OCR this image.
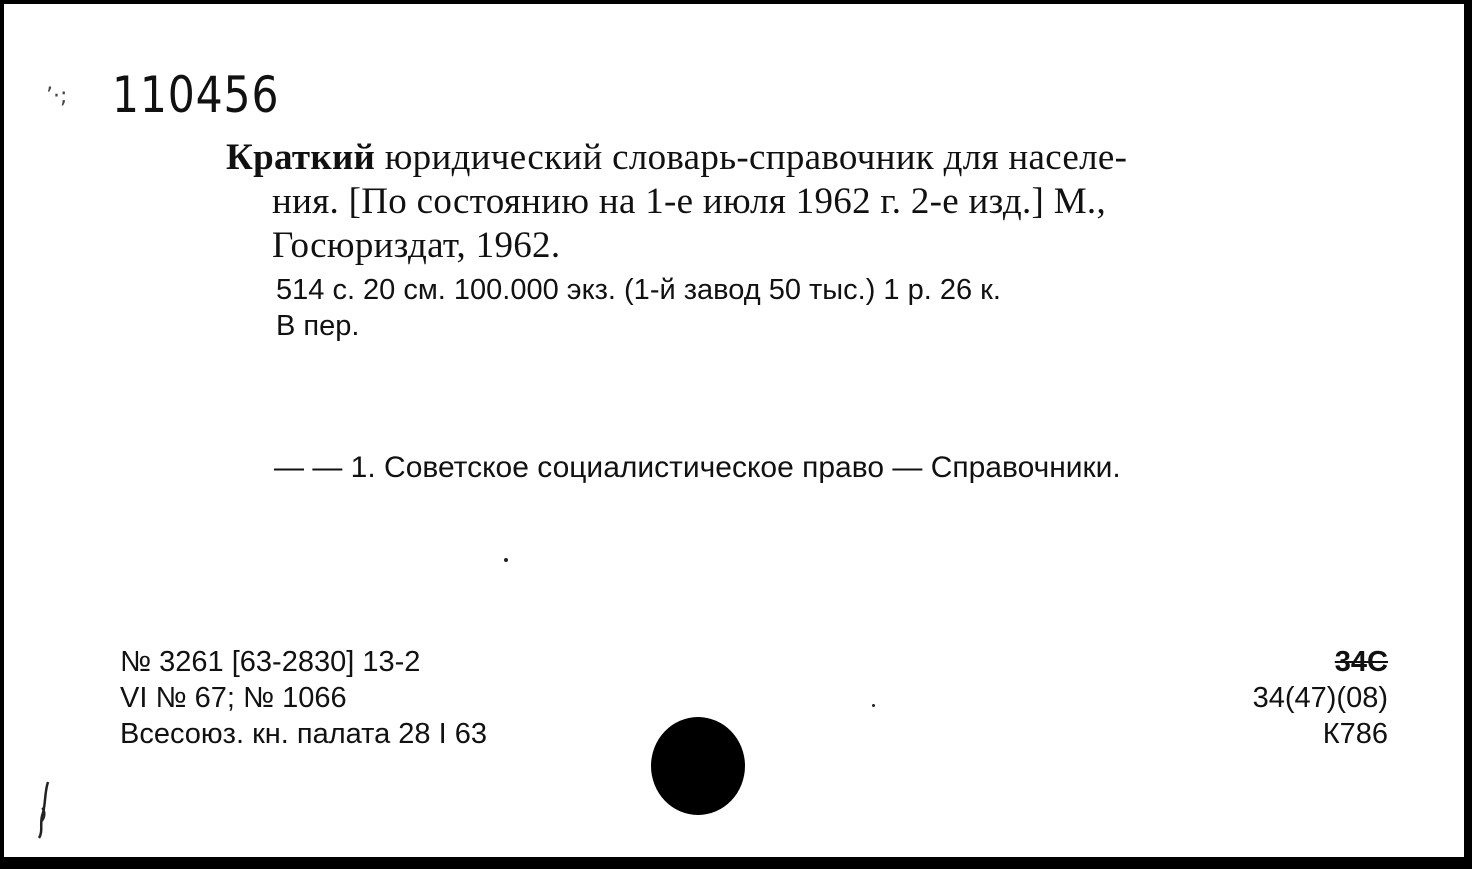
’·; 110456
Краткий юридический словарь-справочник для населе-
ния. [По состоянию на 1-е июля 1962 г. 2-е изд.] М.,
Госюриздат, 1962.
514 с. 20 см. 100.000 экз. (1-й завод 50 тыс.) 1 р. 26 к.
В пер.
— — 1. Советское социалистическое право — Справочники.
№ 3261 [63-2830] 13-2
VI № 67; № 1066
Всесоюз. кн. палата 28 I 63
34C
34(47)(08)
К786
